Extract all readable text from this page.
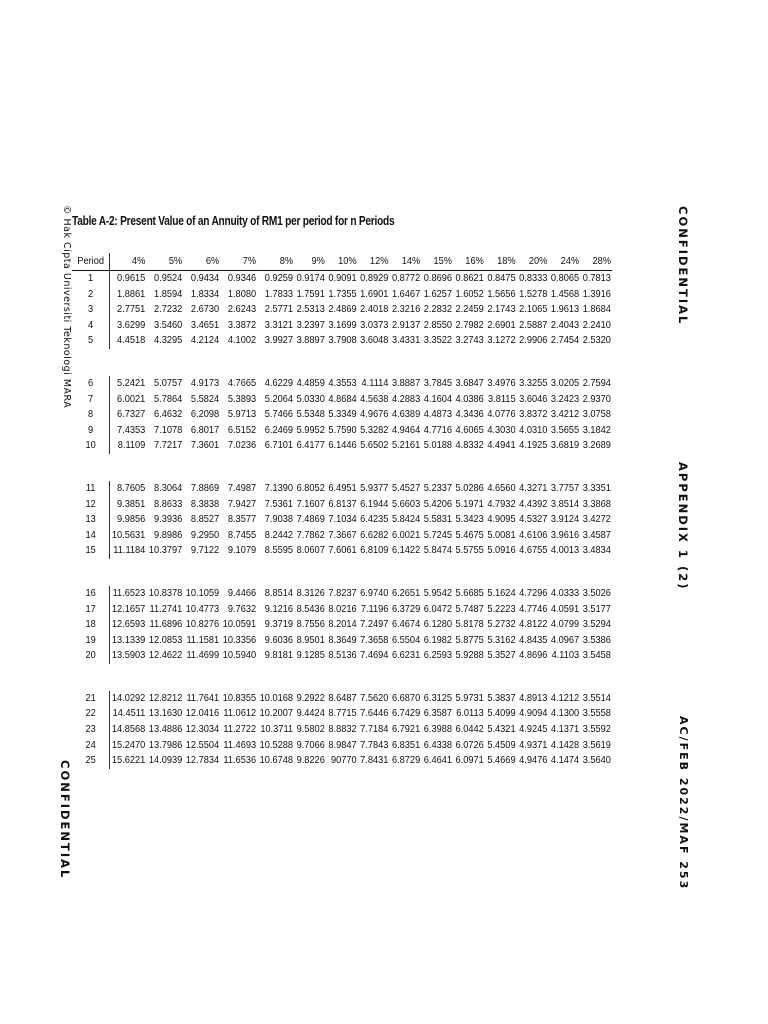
Table A-2: Present Value of an Annuity of RM1 per period for n Periods
© Hak Cipta Universiti Teknologi MARA	CONFIDENTIAL
APPENDIX 1 (2)
AC/FEB 2022/MAF 253
CONFIDENTIAL
Period	4%	5%	6%	7%	8%	9%	10%	12%	14%	15%	16%	18%	20%	24%	28%
1	0.9615	0.9524	0.9434	0.9346	0.9259	0.9174	0.9091	0.8929	0.8772	0.8696	0.8621	0.8475	0.8333	0.8065	0.7813
2	1.8861	1.8594	1.8334	1.8080	1.7833	1.7591	1.7355	1.6901	1.6467	1.6257	1.6052	1.5656	1.5278	1.4568	1.3916
3	2.7751	2.7232	2.6730	2.6243	2.5771	2.5313	2.4869	2.4018	2.3216	2.2832	2.2459	2.1743	2.1065	1.9613	1.8684
4	3.6299	3.5460	3.4651	3.3872	3.3121	3.2397	3.1699	3.0373	2.9137	2.8550	2.7982	2.6901	2.5887	2.4043	2.2410
5	4.4518	4.3295	4.2124	4.1002	3.9927	3.8897	3.7908	3.6048	3.4331	3.3522	3.2743	3.1272	2.9906	2.7454	2.5320

6	5.2421	5.0757	4.9173	4.7665	4.6229	4.4859	4.3553	4.1114	3.8887	3.7845	3.6847	3.4976	3.3255	3.0205	2.7594
7	6.0021	5.7864	5.5824	5.3893	5.2064	5.0330	4.8684	4.5638	4.2883	4.1604	4.0386	3.8115	3.6046	3.2423	2.9370
8	6.7327	6.4632	6.2098	5.9713	5.7466	5.5348	5.3349	4.9676	4.6389	4.4873	4.3436	4.0776	3.8372	3.4212	3.0758
9	7.4353	7.1078	6.8017	6.5152	6.2469	5.9952	5.7590	5.3282	4.9464	4.7716	4.6065	4.3030	4.0310	3.5655	3.1842
10	8.1109	7.7217	7.3601	7.0236	6.7101	6.4177	6.1446	5.6502	5.2161	5.0188	4.8332	4.4941	4.1925	3.6819	3.2689

11	8.7605	8.3064	7.8869	7.4987	7.1390	6.8052	6.4951	5.9377	5.4527	5.2337	5.0286	4.6560	4.3271	3.7757	3.3351
12	9.3851	8.8633	8.3838	7.9427	7.5361	7.1607	6.8137	6.1944	5.6603	5.4206	5.1971	4.7932	4.4392	3.8514	3.3868
13	9.9856	9.3936	8.8527	8.3577	7.9038	7.4869	7.1034	6.4235	5.8424	5.5831	5.3423	4.9095	4.5327	3.9124	3.4272
14	10.5631	9.8986	9.2950	8.7455	8.2442	7.7862	7.3667	6.6282	6.0021	5.7245	5.4675	5.0081	4.6106	3.9616	3.4587
15	11.1184	10.3797	9.7122	9.1079	8.5595	8.0607	7.6061	6.8109	6.1422	5.8474	5.5755	5.0916	4.6755	4.0013	3.4834

16	11.6523	10.8378	10.1059	9.4466	8.8514	8.3126	7.8237	6.9740	6.2651	5.9542	5.6685	5.1624	4.7296	4.0333	3.5026
17	12.1657	11.2741	10.4773	9.7632	9.1216	8.5436	8.0216	7.1196	6.3729	6.0472	5.7487	5.2223	4.7746	4.0591	3.5177
18	12.6593	11.6896	10.8276	10.0591	9.3719	8.7556	8.2014	7.2497	6.4674	6.1280	5.8178	5.2732	4.8122	4.0799	3.5294
19	13.1339	12.0853	11.1581	10.3356	9.6036	8.9501	8.3649	7.3658	6.5504	6.1982	5.8775	5.3162	4.8435	4.0967	3.5386
20	13.5903	12.4622	11.4699	10.5940	9.8181	9.1285	8.5136	7.4694	6.6231	6.2593	5.9288	5.3527	4.8696	4.1103	3.5458

21	14.0292	12.8212	11.7641	10.8355	10.0168	9.2922	8.6487	7.5620	6.6870	6.3125	5.9731	5.3837	4.8913	4.1212	3.5514
22	14.4511	13.1630	12.0416	11.0612	10.2007	9.4424	8.7715	7.6446	6.7429	6.3587	6.0113	5.4099	4.9094	4.1300	3.5558
23	14.8568	13.4886	12.3034	11.2722	10.3711	9.5802	8.8832	7.7184	6.7921	6.3988	6.0442	5.4321	4.9245	4.1371	3.5592
24	15.2470	13.7986	12.5504	11.4693	10.5288	9.7066	8.9847	7.7843	6.8351	6.4338	6.0726	5.4509	4.9371	4.1428	3.5619
25	15.6221	14.0939	12.7834	11.6536	10.6748	9.8226	90770	7.8431	6.8729	6.4641	6.0971	5.4669	4.9476	4.1474	3.5640
